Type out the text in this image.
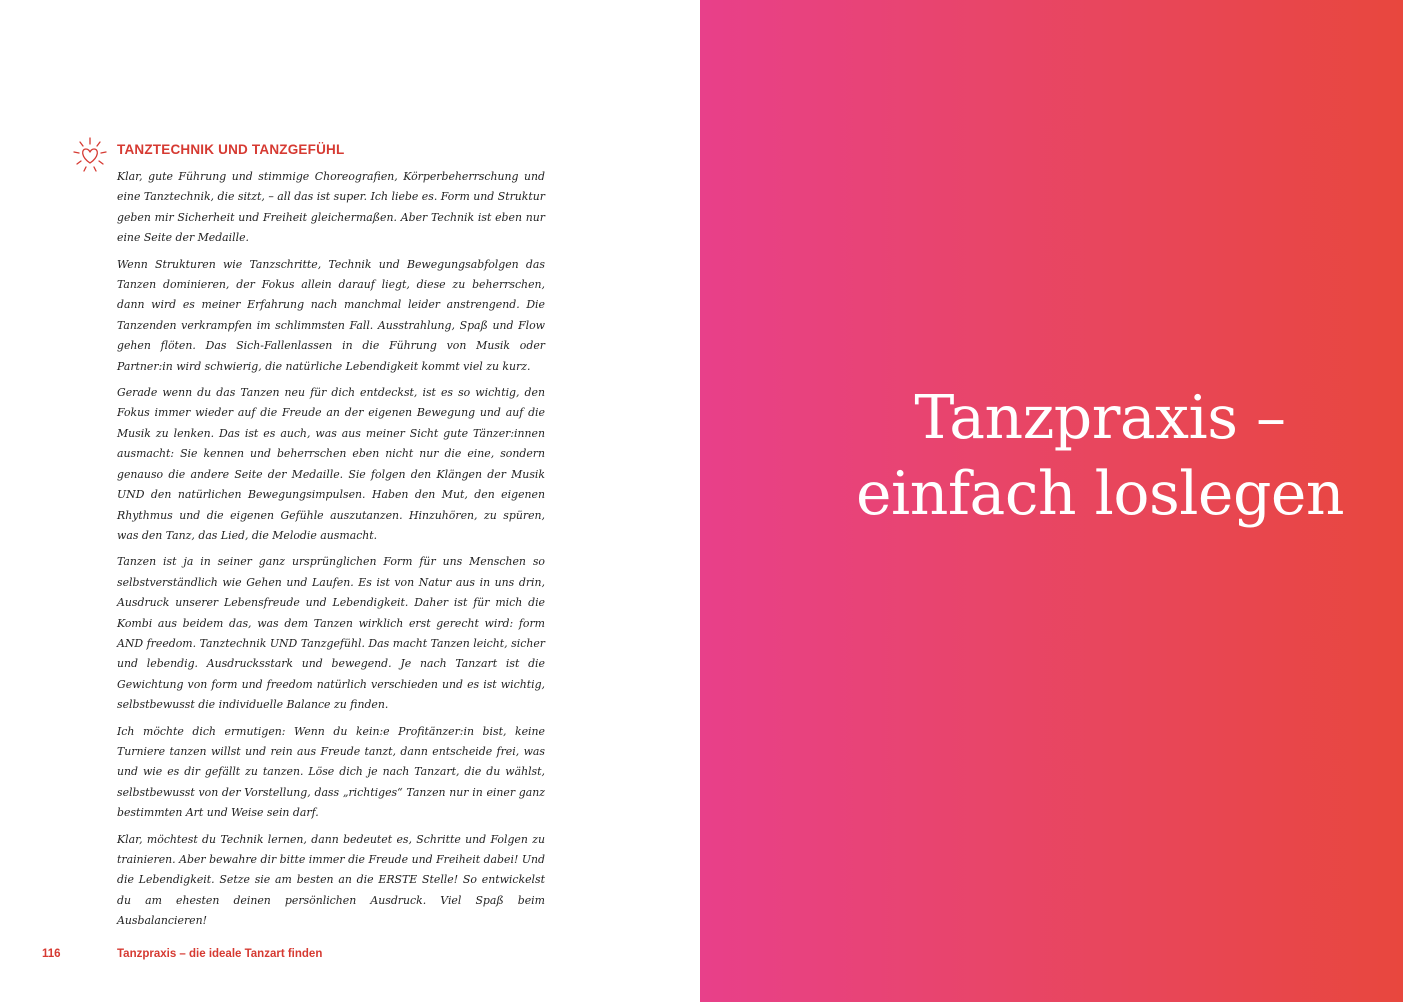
TANZTECHNIK UND TANZGEFÜHL

Klar, gute Führung und stimmige Choreografien, Körperbeherrschung und eine Tanztechnik, die sitzt, – all das ist super. Ich liebe es. Form und Struktur geben mir Sicherheit und Freiheit gleichermaßen. Aber Technik ist eben nur eine Seite der Medaille.

Wenn Strukturen wie Tanzschritte, Technik und Bewegungsabfolgen das Tanzen dominieren, der Fokus allein darauf liegt, diese zu beherrschen, dann wird es meiner Erfahrung nach manchmal leider anstrengend. Die Tanzenden verkrampfen im schlimmsten Fall. Ausstrahlung, Spaß und Flow gehen flöten. Das Sich-Fallenlassen in die Führung von Musik oder Partner:in wird schwierig, die natürliche Lebendigkeit kommt viel zu kurz.

Gerade wenn du das Tanzen neu für dich entdeckst, ist es so wichtig, den Fokus immer wieder auf die Freude an der eigenen Bewegung und auf die Musik zu lenken. Das ist es auch, was aus meiner Sicht gute Tänzer:innen ausmacht: Sie kennen und beherrschen eben nicht nur die eine, sondern genauso die andere Seite der Medaille. Sie folgen den Klängen der Musik UND den natürlichen Bewegungsimpulsen. Haben den Mut, den eigenen Rhythmus und die eigenen Gefühle auszutanzen. Hinzuhören, zu spüren, was den Tanz, das Lied, die Melodie ausmacht.

Tanzen ist ja in seiner ganz ursprünglichen Form für uns Menschen so selbstverständlich wie Gehen und Laufen. Es ist von Natur aus in uns drin, Ausdruck unserer Lebensfreude und Lebendigkeit. Daher ist für mich die Kombi aus beidem das, was dem Tanzen wirklich erst gerecht wird: form AND freedom. Tanztechnik UND Tanzgefühl. Das macht Tanzen leicht, sicher und lebendig. Ausdrucksstark und bewegend. Je nach Tanzart ist die Gewichtung von form und freedom natürlich verschieden und es ist wichtig, selbstbewusst die individuelle Balance zu finden.

Ich möchte dich ermutigen: Wenn du kein:e Profitänzer:in bist, keine Turniere tanzen willst und rein aus Freude tanzt, dann entscheide frei, was und wie es dir gefällt zu tanzen. Löse dich je nach Tanzart, die du wählst, selbstbewusst von der Vorstellung, dass „richtiges“ Tanzen nur in einer ganz bestimmten Art und Weise sein darf.

Klar, möchtest du Technik lernen, dann bedeutet es, Schritte und Folgen zu trainieren. Aber bewahre dir bitte immer die Freude und Freiheit dabei! Und die Lebendigkeit. Setze sie am besten an die ERSTE Stelle! So entwickelst du am ehesten deinen persönlichen Ausdruck. Viel Spaß beim Ausbalancieren!

116	Tanzpraxis – die ideale Tanzart finden
Tanzpraxis –
einfach loslegen
